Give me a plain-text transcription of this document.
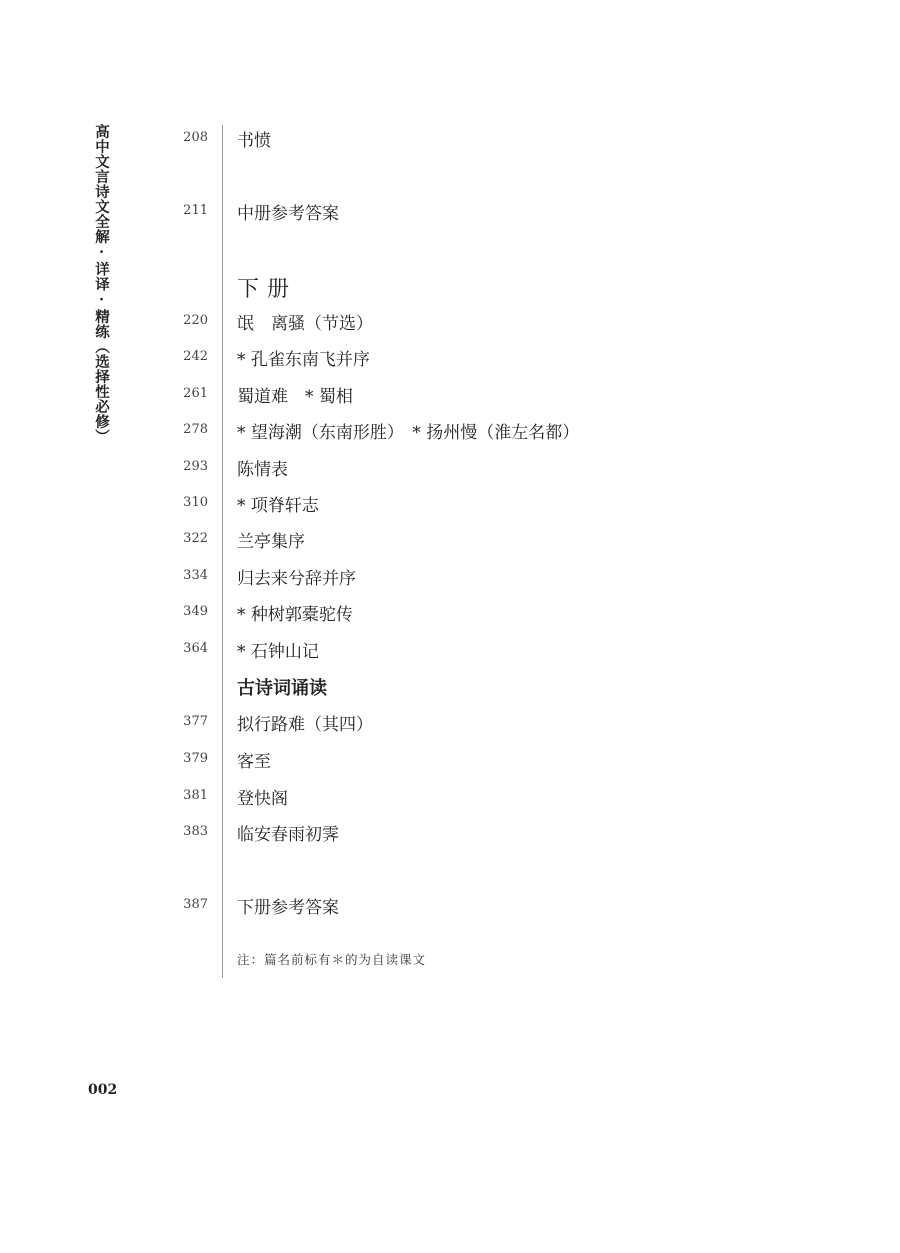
高中文言诗文全解·详译·精练（选择性必修）	208 书愤
211 中册参考答案
下册
220 氓　离骚（节选）
242 * 孔雀东南飞并序
261 蜀道难　* 蜀相
278 * 望海潮（东南形胜）　* 扬州慢（淮左名都）
293 陈情表
310 * 项脊轩志
322 兰亭集序
334 归去来兮辞并序
349 * 种树郭橐驼传
364 * 石钟山记
古诗词诵读
377 拟行路难（其四）
379 客至
381 登快阁
383 临安春雨初霁
387 下册参考答案
注：篇名前标有＊的为自读课文
002
